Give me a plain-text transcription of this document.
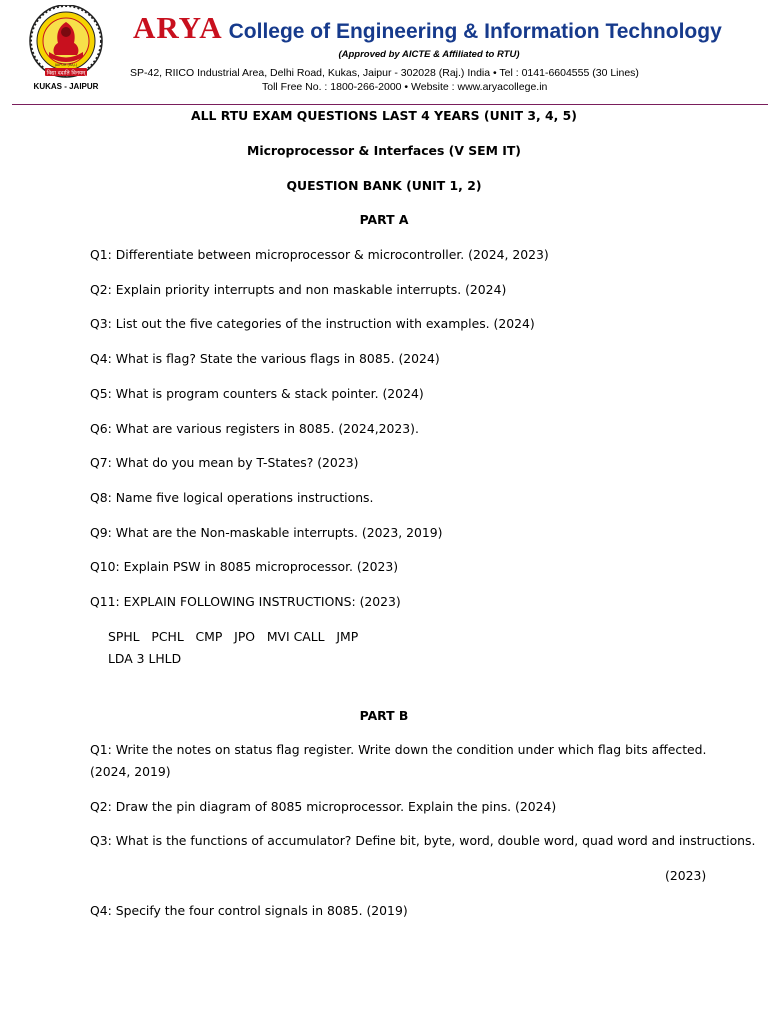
विद्या ददाति विनयम्
JAIPUR (RAJ.)
KUKAS - JAIPUR
ARYA College of Engineering & Information Technology
(Approved by AICTE & Affiliated to RTU)
SP-42, RIICO Industrial Area, Delhi Road, Kukas, Jaipur - 302028 (Raj.) India • Tel : 0141-6604555 (30 Lines)
Toll Free No. : 1800-266-2000 • Website : www.aryacollege.in
ALL RTU EXAM QUESTIONS LAST 4 YEARS (UNIT 3, 4, 5)
Microprocessor & Interfaces (V SEM IT)
QUESTION BANK (UNIT 1, 2)
PART A
Q1: Differentiate between microprocessor & microcontroller. (2024, 2023)
Q2: Explain priority interrupts and non maskable interrupts. (2024)
Q3: List out the five categories of the instruction with examples. (2024)
Q4: What is flag? State the various flags in 8085. (2024)
Q5: What is program counters & stack pointer. (2024)
Q6: What are various registers in 8085. (2024,2023).
Q7: What do you mean by T-States? (2023)
Q8: Name five logical operations instructions.
Q9: What are the Non-maskable interrupts. (2023, 2019)
Q10: Explain PSW in 8085 microprocessor. (2023)
Q11: EXPLAIN FOLLOWING INSTRUCTIONS: (2023)
SPHL   PCHL   CMP   JPO   MVI CALL   JMP
LDA 3 LHLD
PART B
Q1: Write the notes on status flag register. Write down the condition under which flag bits affected. (2024, 2019)
Q2: Draw the pin diagram of 8085 microprocessor. Explain the pins. (2024)
Q3: What is the functions of accumulator? Define bit, byte, word, double word, quad word and instructions.
(2023)
Q4: Specify the four control signals in 8085. (2019)
